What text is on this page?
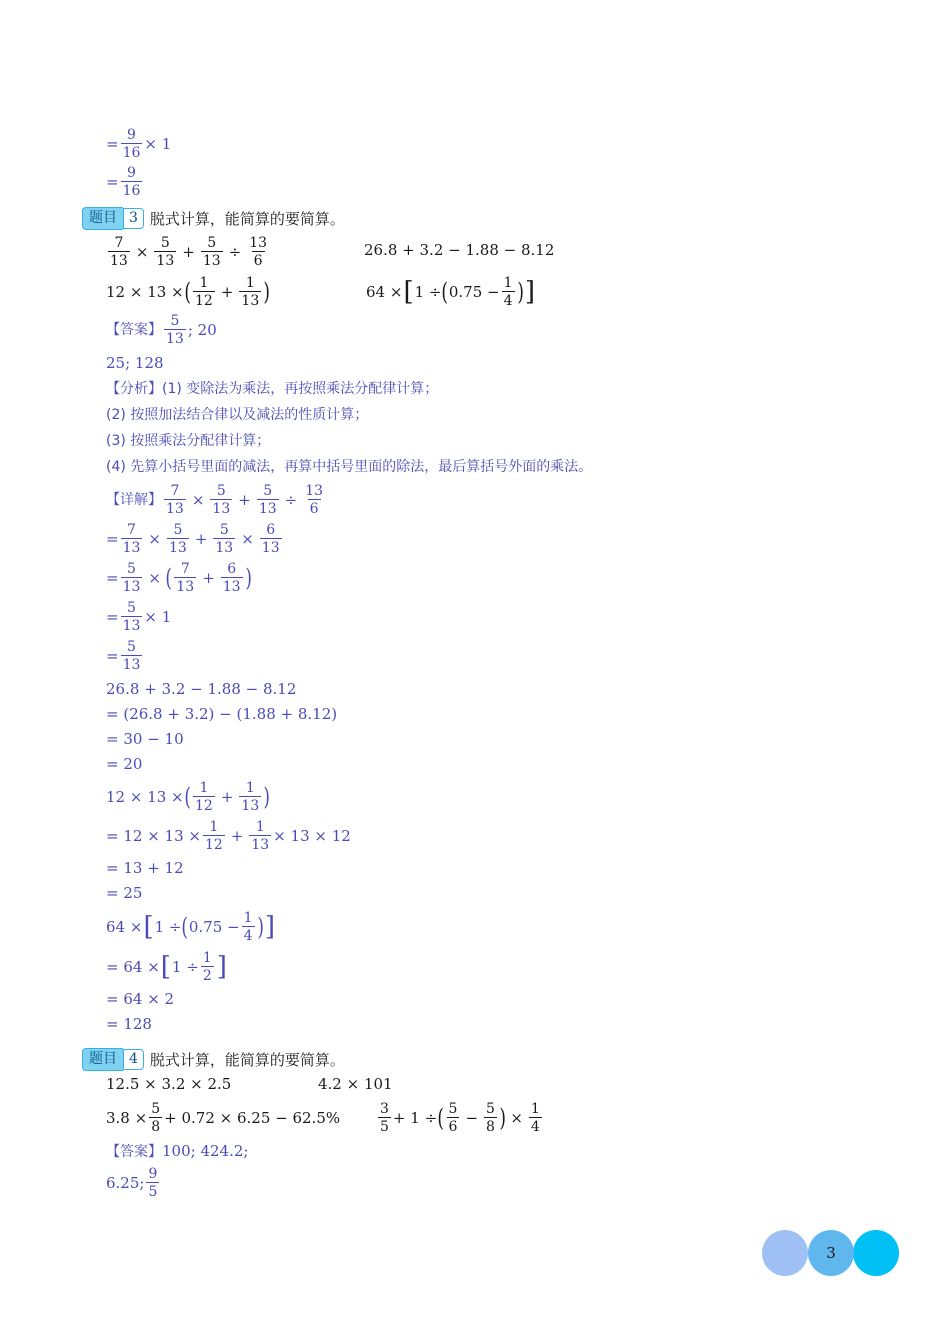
= $\frac{9}{16} \times 1$
= $\frac{9}{16}$
题目 3 脱式计算，能简算的要简算。
$\frac{7}{13} \times \frac{5}{13} + \frac{5}{13} \div \frac{13}{6}$	26.8 + 3.2 − 1.88 − 8.12
12 × 13 × ( 1
12
+ $\frac{1}{13}$ )	64 × [ 1 ÷ ( $0.75 - \frac{1}{4}$ ) ]
【答案】
5
13
; 20
25; 128
【分析】 (1) 变除法为乘法，再按照乘法分配律计算；
(2) 按照加法结合律以及减法的性质计算；
(3) 按照乘法分配律计算；
(4) 先算小括号里面的减法，再算中括号里面的除法，最后算括号外面的乘法。
【详解】 $\frac{7}{13} \times \frac{5}{13} + \frac{5}{13} \div \frac{13}{6}$
= $\frac{7}{13} \times \frac{5}{13} + \frac{5}{13} \times \frac{6}{13}$
= $\frac{5}{13}$ × ( 7
13
+ $\frac{6}{13}$ )
= $\frac{5}{13} \times 1$
= $\frac{5}{13}$
26.8 + 3.2 − 1.88 − 8.12
= (26.8 + 3.2) − (1.88 + 8.12)
= 30 − 10
= 20
12 × 13 × ( 1
12
+ $\frac{1}{13}$ )
= $12 \times 13 \times \frac{1}{12} + \frac{1}{13} \times 13 \times 12$
= 13 + 12
= 25
64 × [ 1 ÷ ( $0.75 - \frac{1}{4}$ ) ]
= 64 × [ $1 \div \frac{1}{2}$ ]
= 64 × 2
= 128
题目 4 脱式计算，能简算的要简算。
12.5 × 3.2 × 2.5	4.2 × 101
$3.8 \times \frac{5}{8} + 0.72 \times 6.25 - 62.5\%$	3
5
+ 1 ÷ ( 5
6
− $\frac{5}{8}$ ) × $\frac{1}{4}$
【答案】 100; 424.2;
6.25; 9
5
3
